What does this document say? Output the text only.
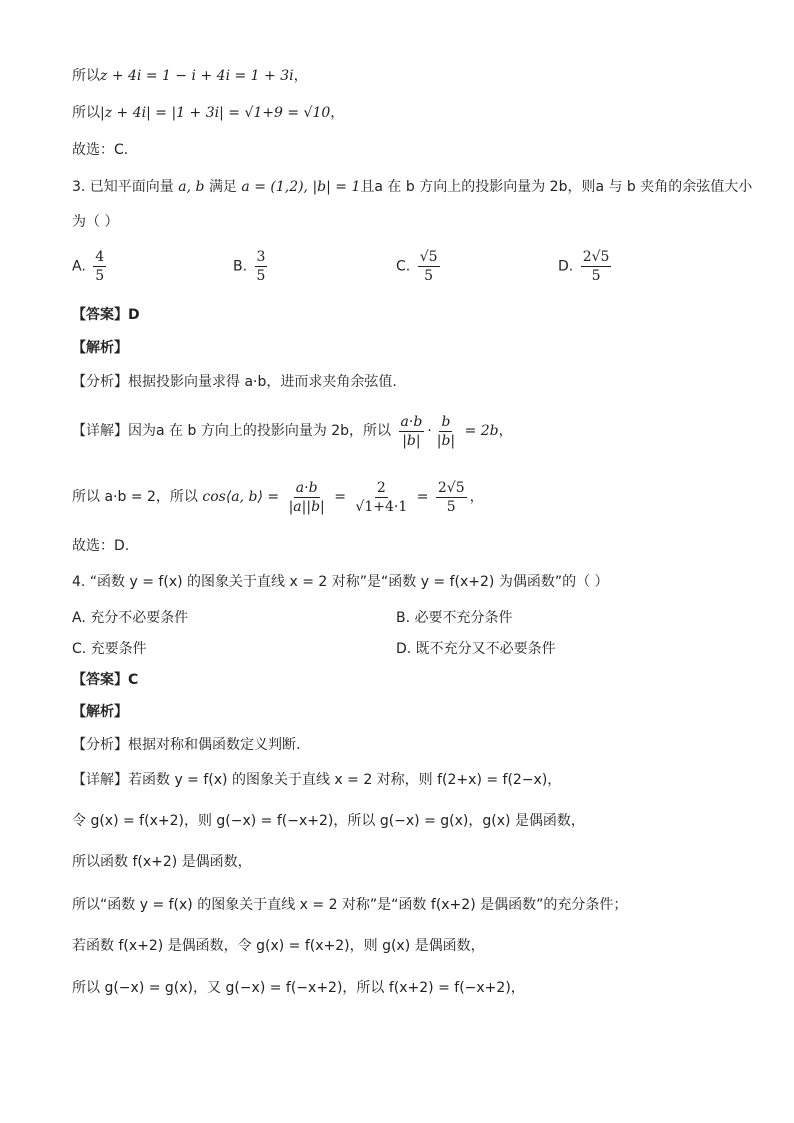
所以z + 4i = 1 − i + 4i = 1 + 3i，
所以|z + 4i| = |1 + 3i| = √1+9 = √10，
故选：C.
3. 已知平面向量 a, b 满足 a = (1,2), |b| = 1且a 在 b 方向上的投影向量为 2b，则a 与 b 夹角的余弦值大小
为（ ）
A. $\frac{4}{5}$	B. $\frac{3}{5}$	C. $\frac{√5}{5}$	D. $\frac{2√5}{5}$
【答案】D
【解析】
【分析】根据投影向量求得 a·b，进而求夹角余弦值.
【详解】因为a 在 b 方向上的投影向量为 2b，所以 $\frac{a\cdot b}{|b|} \cdot \frac{b}{|b|} = 2b$，
所以 a·b = 2，所以 cos⟨a, b⟩ = $\frac{a\cdot b}{|a||b|} = \frac{2}{√1+4\cdot 1} = \frac{2√5}{5}$ ，
故选：D.
4. “函数 y = f(x) 的图象关于直线 x = 2 对称”是“函数 y = f(x+2) 为偶函数”的（ ）
A. 充分不必要条件	B. 必要不充分条件
C. 充要条件	D. 既不充分又不必要条件
【答案】C
【解析】
【分析】根据对称和偶函数定义判断.
【详解】若函数 y = f(x) 的图象关于直线 x = 2 对称，则 f(2+x) = f(2−x)，
令 g(x) = f(x+2)，则 g(−x) = f(−x+2)，所以 g(−x) = g(x)，g(x) 是偶函数，
所以函数 f(x+2) 是偶函数，
所以“函数 y = f(x) 的图象关于直线 x = 2 对称”是“函数 f(x+2) 是偶函数”的充分条件；
若函数 f(x+2) 是偶函数，令 g(x) = f(x+2)，则 g(x) 是偶函数，
所以 g(−x) = g(x)，又 g(−x) = f(−x+2)，所以 f(x+2) = f(−x+2)，
